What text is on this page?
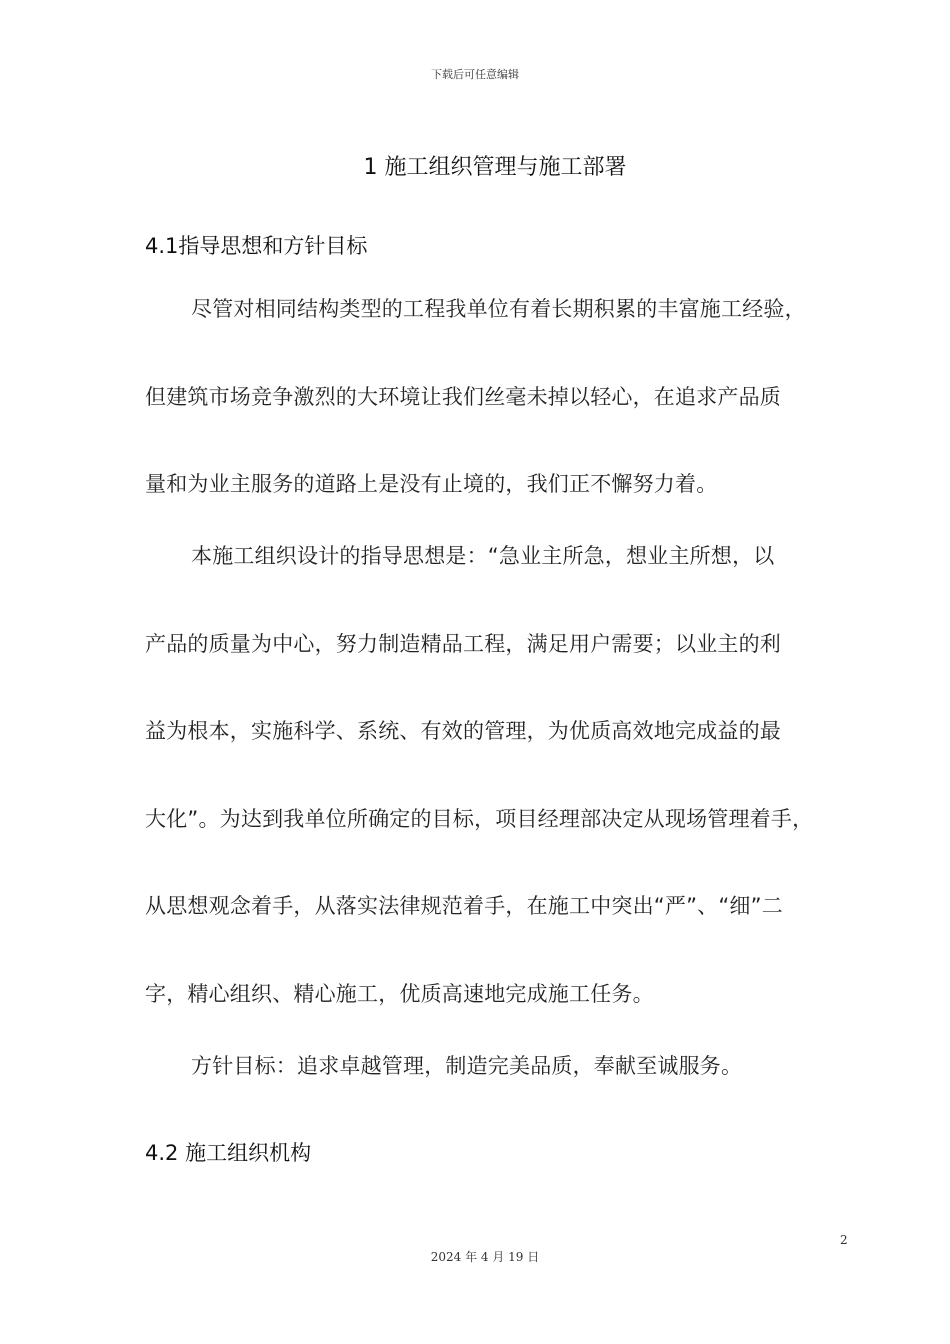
下载后可任意编辑
1 施工组织管理与施工部署
4.1指导思想和方针目标
尽管对相同结构类型的工程我单位有着长期积累的丰富施工经验，
但建筑市场竞争激烈的大环境让我们丝毫未掉以轻心，在追求产品质
量和为业主服务的道路上是没有止境的，我们正不懈努力着。
本施工组织设计的指导思想是：“急业主所急，想业主所想，以
产品的质量为中心，努力制造精品工程，满足用户需要；以业主的利
益为根本，实施科学、系统、有效的管理，为优质高效地完成益的最
大化”。为达到我单位所确定的目标，项目经理部决定从现场管理着手，
从思想观念着手，从落实法律规范着手，在施工中突出“严”、“细”二
字，精心组织、精心施工，优质高速地完成施工任务。
方针目标：追求卓越管理，制造完美品质，奉献至诚服务。
4.2 施工组织机构
2
2024 年 4 月 19 日
